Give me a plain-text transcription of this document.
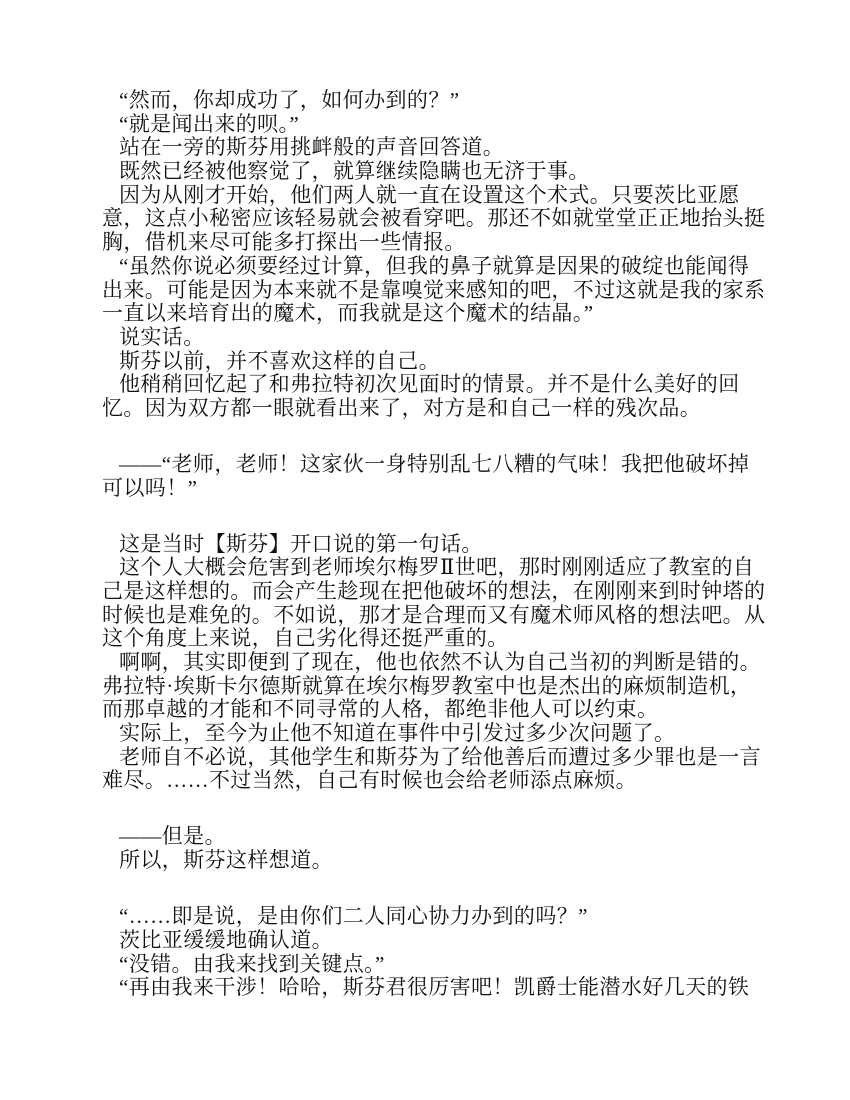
“然而，你却成功了，如何办到的？”
“就是闻出来的呗。”
站在一旁的斯芬用挑衅般的声音回答道。
既然已经被他察觉了，就算继续隐瞒也无济于事。
因为从刚才开始，他们两人就一直在设置这个术式。只要茨比亚愿
意，这点小秘密应该轻易就会被看穿吧。那还不如就堂堂正正地抬头挺
胸，借机来尽可能多打探出一些情报。
“虽然你说必须要经过计算，但我的鼻子就算是因果的破绽也能闻得
出来。可能是因为本来就不是靠嗅觉来感知的吧，不过这就是我的家系
一直以来培育出的魔术，而我就是这个魔术的结晶。”
说实话。
斯芬以前，并不喜欢这样的自己。
他稍稍回忆起了和弗拉特初次见面时的情景。并不是什么美好的回
忆。因为双方都一眼就看出来了，对方是和自己一样的残次品。
——“老师，老师！这家伙一身特别乱七八糟的气味！我把他破坏掉
可以吗！”
这是当时【斯芬】开口说的第一句话。
这个人大概会危害到老师埃尔梅罗Ⅱ世吧，那时刚刚适应了教室的自
己是这样想的。而会产生趁现在把他破坏的想法，在刚刚来到时钟塔的
时候也是难免的。不如说，那才是合理而又有魔术师风格的想法吧。从
这个角度上来说，自己劣化得还挺严重的。
啊啊，其实即便到了现在，他也依然不认为自己当初的判断是错的。
弗拉特·埃斯卡尔德斯就算在埃尔梅罗教室中也是杰出的麻烦制造机，
而那卓越的才能和不同寻常的人格，都绝非他人可以约束。
实际上，至今为止他不知道在事件中引发过多少次问题了。
老师自不必说，其他学生和斯芬为了给他善后而遭过多少罪也是一言
难尽。……不过当然，自己有时候也会给老师添点麻烦。
——但是。
所以，斯芬这样想道。
“……即是说，是由你们二人同心协力办到的吗？”
茨比亚缓缓地确认道。
“没错。由我来找到关键点。”
“再由我来干涉！哈哈，斯芬君很厉害吧！凯爵士能潜水好几天的铁
